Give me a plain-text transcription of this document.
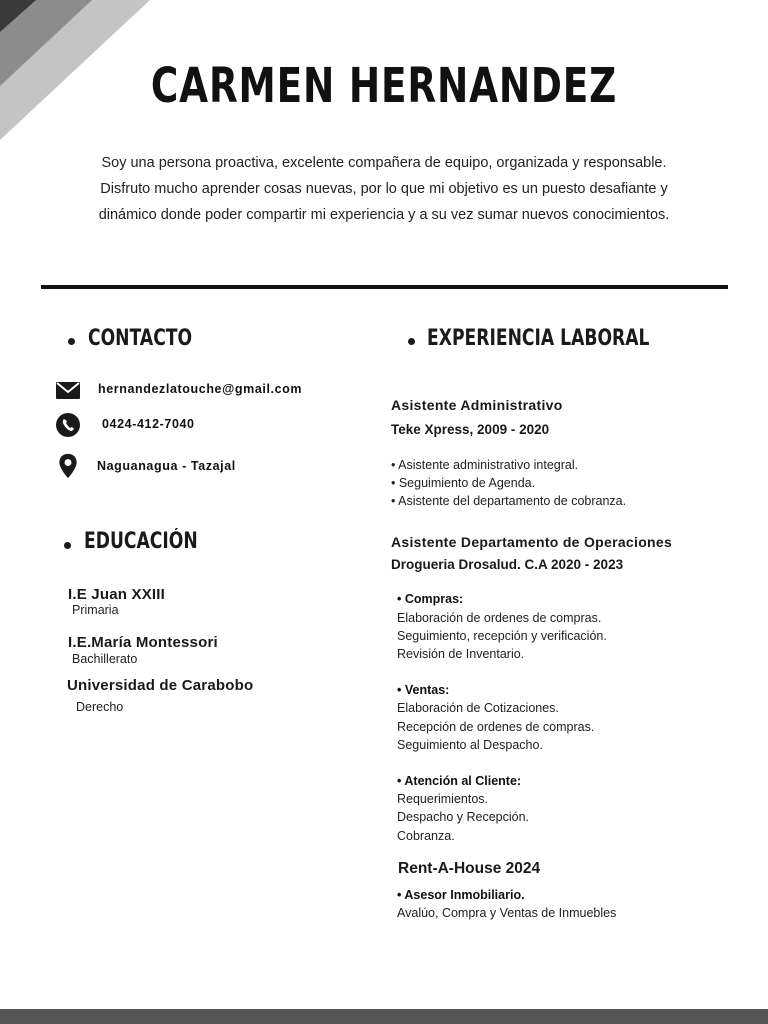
CARMEN HERNANDEZ
Soy una persona proactiva, excelente compañera de equipo, organizada y responsable.
Disfruto mucho aprender cosas nuevas, por lo que mi objetivo es un puesto desafiante y
dinámico donde poder compartir mi experiencia y a su vez sumar nuevos conocimientos.
CONTACTO
hernandezlatouche@gmail.com
0424-412-7040
Naguanagua - Tazajal
EDUCACIÓN
I.E Juan XXIII
Primaria
I.E.María Montessori
Bachillerato
Universidad de Carabobo
Derecho
EXPERIENCIA LABORAL
Asistente Administrativo
Teke Xpress, 2009 - 2020
• Asistente administrativo integral.
• Seguimiento de Agenda.
• Asistente del departamento de cobranza.
Asistente Departamento de Operaciones
Drogueria Drosalud. C.A 2020 - 2023
• Compras:
Elaboración de ordenes de compras.
Seguimiento, recepción y verificación.
Revisión de Inventario.
• Ventas:
Elaboración de Cotizaciones.
Recepción de ordenes de compras.
Seguimiento al Despacho.
• Atención al Cliente:
Requerimientos.
Despacho y Recepción.
Cobranza.
Rent-A-House 2024
• Asesor Inmobiliario.
Avalúo, Compra y Ventas de Inmuebles
